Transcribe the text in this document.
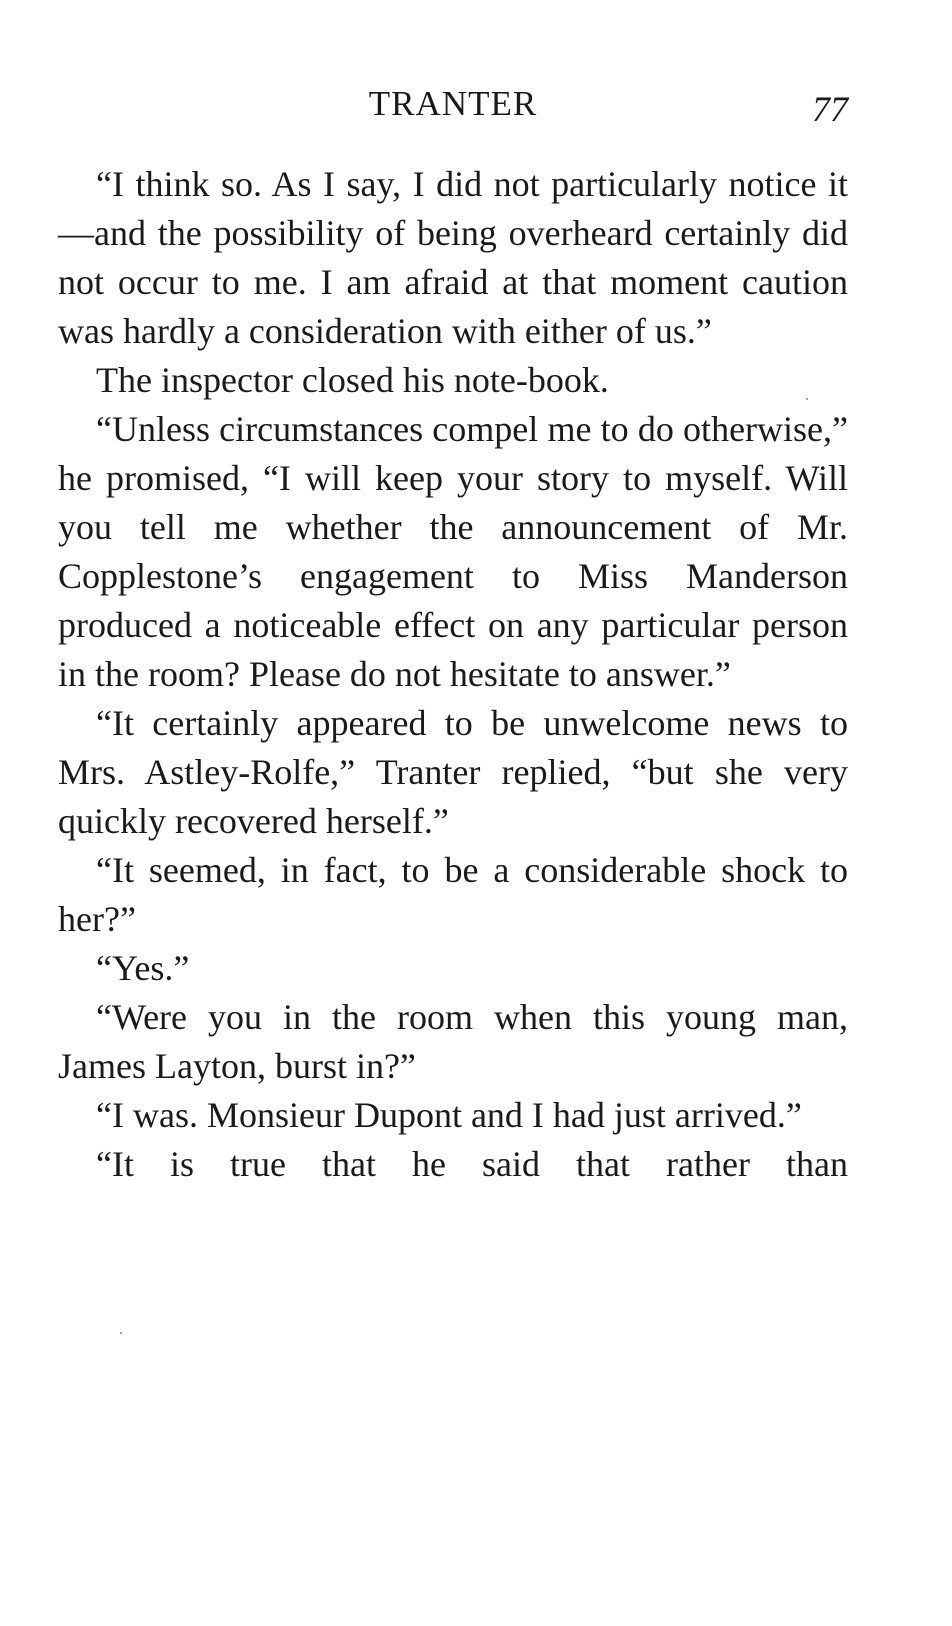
TRANTER	77

“I think so. As I say, I did not particularly notice it—and the possibility of being overheard certainly did not occur to me. I am afraid at that moment caution was hardly a consideration with either of us.”

The inspector closed his note-book.

“Unless circumstances compel me to do otherwise,” he promised, “I will keep your story to myself. Will you tell me whether the announcement of Mr. Copplestone’s engagement to Miss Manderson produced a noticeable effect on any particular person in the room? Please do not hesitate to answer.”

“It certainly appeared to be unwelcome news to Mrs. Astley-Rolfe,” Tranter replied, “but she very quickly recovered herself.”

“It seemed, in fact, to be a considerable shock to her?”

“Yes.”

“Were you in the room when this young man, James Layton, burst in?”

“I was. Monsieur Dupont and I had just arrived.”

“It is true that he said that rather than
